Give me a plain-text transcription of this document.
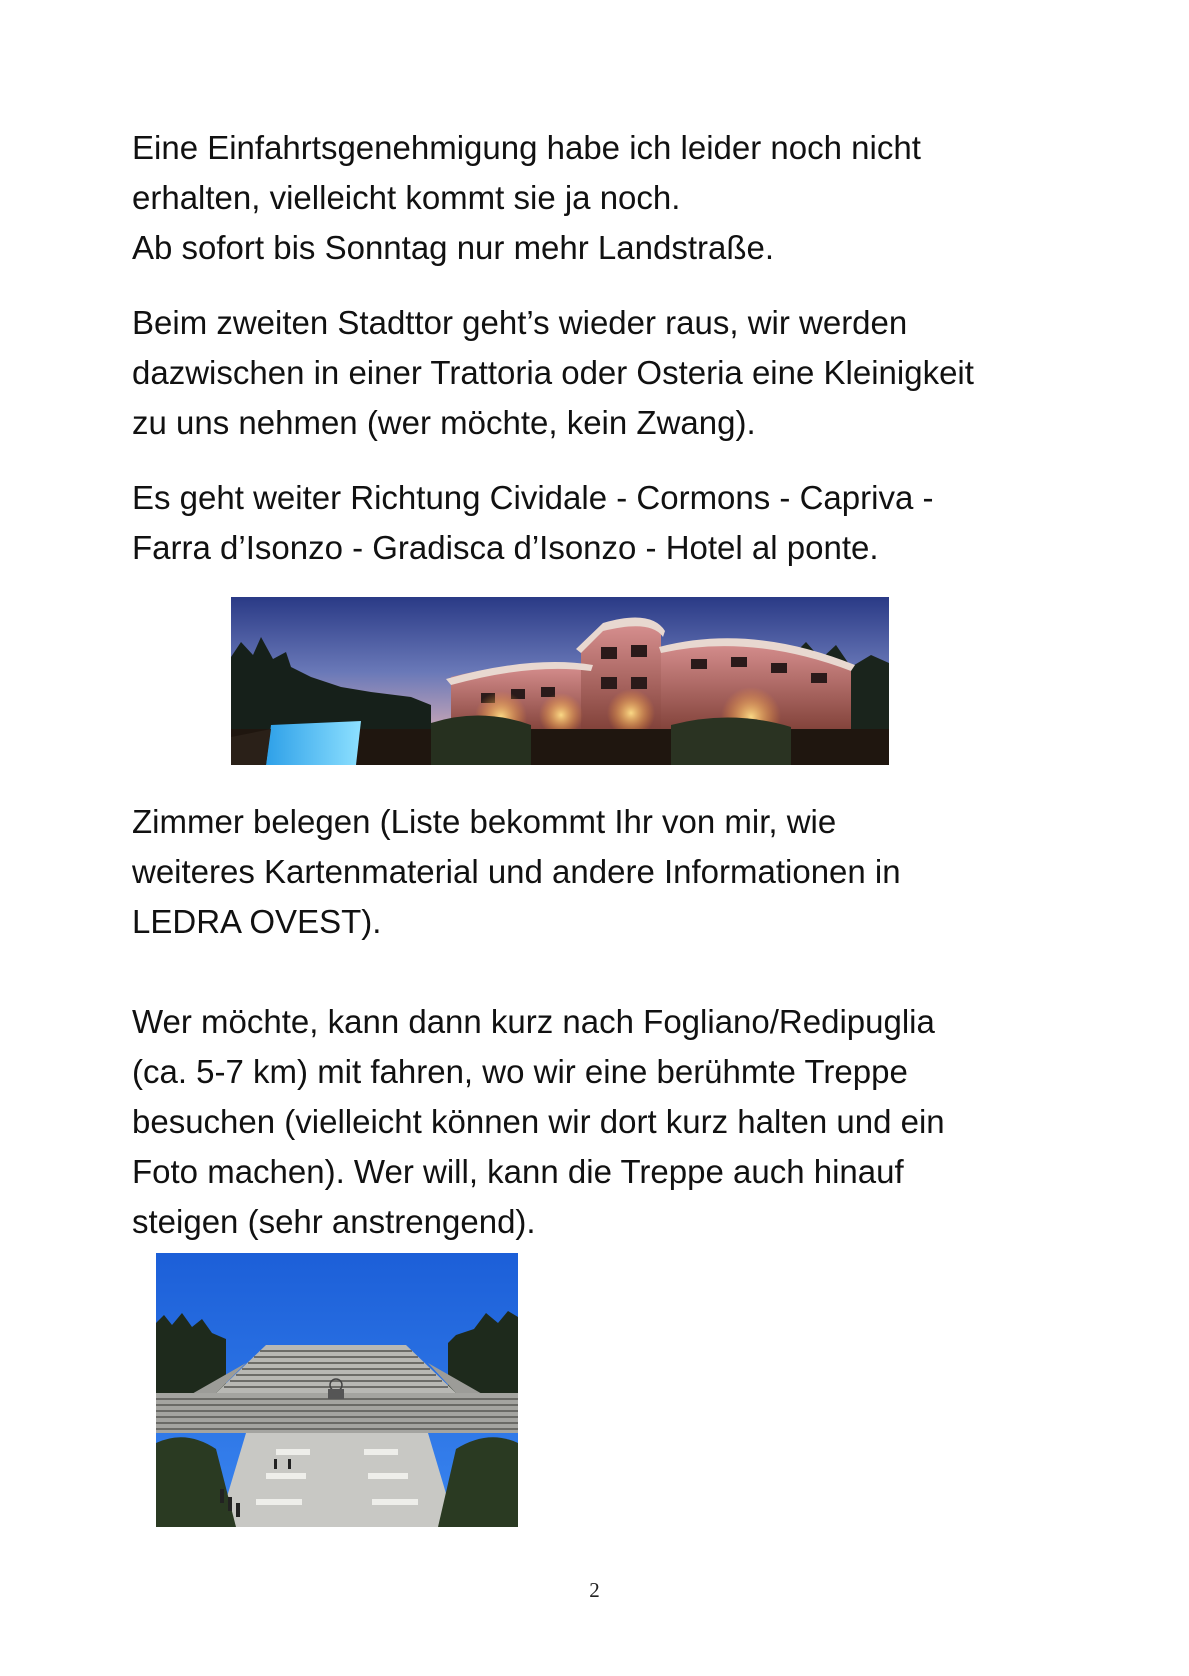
Eine Einfahrtsgenehmigung habe ich leider noch nicht
erhalten, vielleicht kommt sie ja noch.
Ab sofort bis Sonntag nur mehr Landstraße.

Beim zweiten Stadttor geht’s wieder raus, wir werden
dazwischen in einer Trattoria oder Osteria eine Kleinigkeit
zu uns nehmen (wer möchte, kein Zwang).

Es geht weiter Richtung Cividale - Cormons - Capriva -
Farra d’Isonzo - Gradisca d’Isonzo - Hotel al ponte.

Zimmer belegen (Liste bekommt Ihr von mir, wie
weiteres Kartenmaterial und andere Informationen in
LEDRA OVEST).

Wer möchte, kann dann kurz nach Fogliano/Redipuglia
(ca. 5-7 km) mit fahren, wo wir eine berühmte Treppe
besuchen (vielleicht können wir dort kurz halten und ein
Foto machen). Wer will, kann die Treppe auch hinauf
steigen (sehr anstrengend).

2
